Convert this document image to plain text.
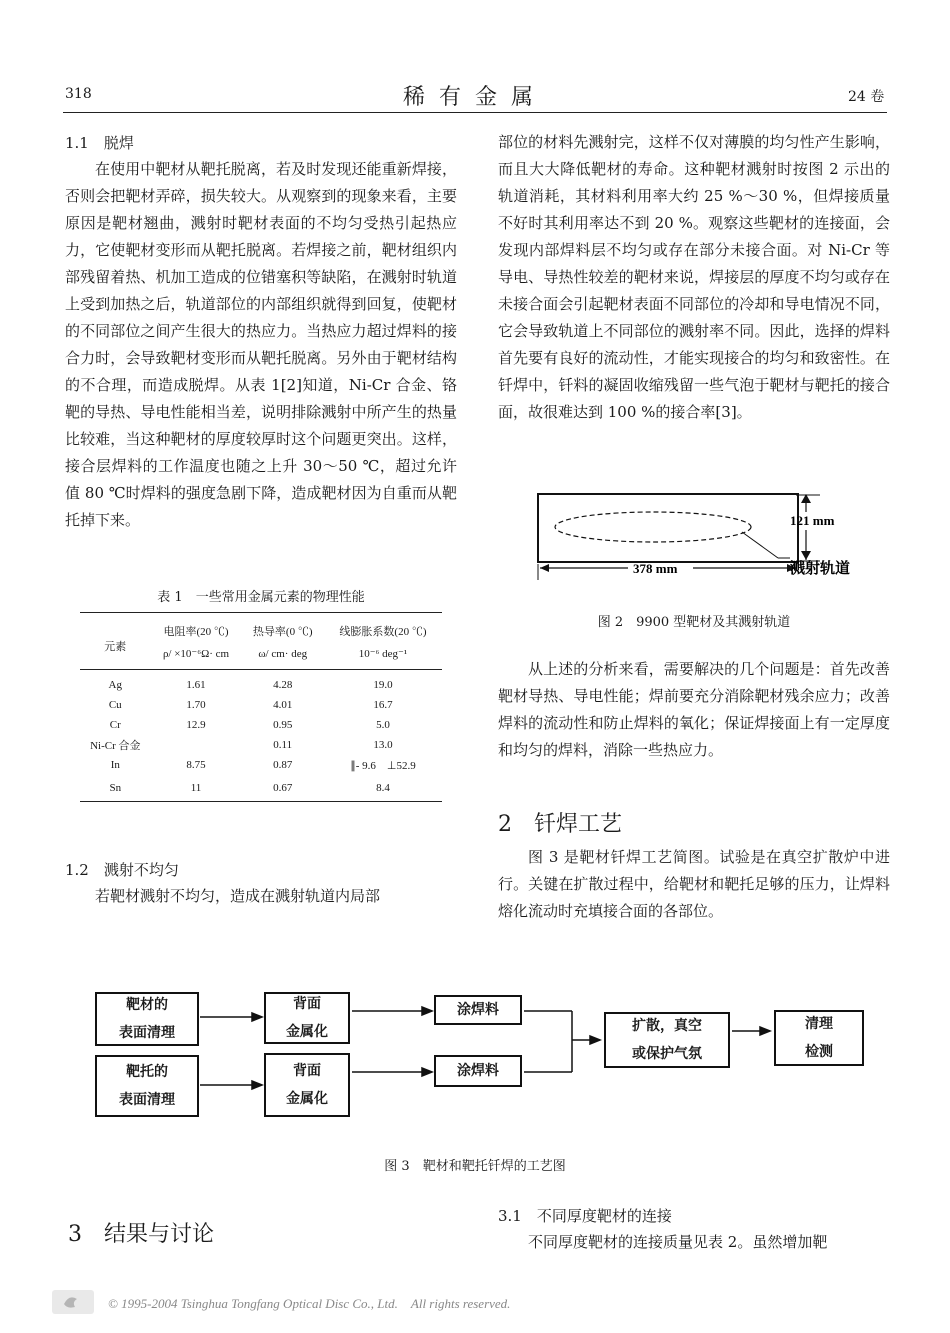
318	稀有金属	24 卷
1.1　脱焊

在使用中靶材从靶托脱离，若及时发现还能重新焊接，否则会把靶材弄碎，损失较大。从观察到的现象来看，主要原因是靶材翘曲，溅射时靶材表面的不均匀受热引起热应力，它使靶材变形而从靶托脱离。若焊接之前，靶材组织内部残留着热、机加工造成的位错塞积等缺陷，在溅射时轨道上受到加热之后，轨道部位的内部组织就得到回复，使靶材的不同部位之间产生很大的热应力。当热应力超过焊料的接合力时，会导致靶材变形而从靶托脱离。另外由于靶材结构的不合理，而造成脱焊。从表 1[2]知道，Ni-Cr 合金、铬靶的导热、导电性能相当差，说明排除溅射中所产生的热量比较难，当这种靶材的厚度较厚时这个问题更突出。这样，接合层焊料的工作温度也随之上升 30～50 ℃，超过允许值 80 ℃时焊料的强度急剧下降，造成靶材因为自重而从靶托掉下来。

表 1　一些常用金属元素的物理性能
元素	电阻率(20 ℃)	热导率(0 ℃)	线膨胀系数(20 ℃)
	ρ/ ×10⁻⁶Ω· cm	ω/ cm· deg	10⁻⁶ deg⁻¹
Ag	1.61	4.28	19.0
Cu	1.70	4.01	16.7
Cr	12.9	0.95	5.0
Ni-Cr 合金		0.11	13.0
In	8.75	0.87	∥- 9.6　⊥52.9
Sn	11	0.67	8.4
1.2　溅射不均匀

若靶材溅射不均匀，造成在溅射轨道内局部

部位的材料先溅射完，这样不仅对薄膜的均匀性产生影响，而且大大降低靶材的寿命。这种靶材溅射时按图 2 示出的轨道消耗，其材料利用率大约 25 %～30 %，但焊接质量不好时其利用率达不到 20 %。观察这些靶材的连接面，会发现内部焊料层不均匀或存在部分未接合面。对 Ni-Cr 等导电、导热性较差的靶材来说，焊接层的厚度不均匀或存在未接合面会引起靶材表面不同部位的冷却和导电情况不同，它会导致轨道上不同部位的溅射率不同。因此，选择的焊料首先要有良好的流动性，才能实现接合的均匀和致密性。在钎焊中，钎料的凝固收缩残留一些气泡于靶材与靶托的接合面，故很难达到 100 %的接合率[3]。

121 mm
378 mm	溅射轨道
图 2　9900 型靶材及其溅射轨道

从上述的分析来看，需要解决的几个问题是：首先改善靶材导热、导电性能；焊前要充分消除靶材残余应力；改善焊料的流动性和防止焊料的氧化；保证焊接面上有一定厚度和均匀的焊料，消除一些热应力。

2　钎焊工艺

图 3 是靶材钎焊工艺简图。试验是在真空扩散炉中进行。关键在扩散过程中，给靶材和靶托足够的压力，让焊料熔化流动时充填接合面的各部位。

靶材的
表面清理
靶托的
表面清理
背面
金属化
背面
金属化
涂焊料
涂焊料
扩散，真空
或保护气氛
清理
检测
图 3　靶材和靶托钎焊的工艺图
3　结果与讨论
3.1　不同厚度靶材的连接

不同厚度靶材的连接质量见表 2。虽然增加靶

© 1995-2004 Tsinghua Tongfang Optical Disc Co., Ltd.　All rights reserved.
